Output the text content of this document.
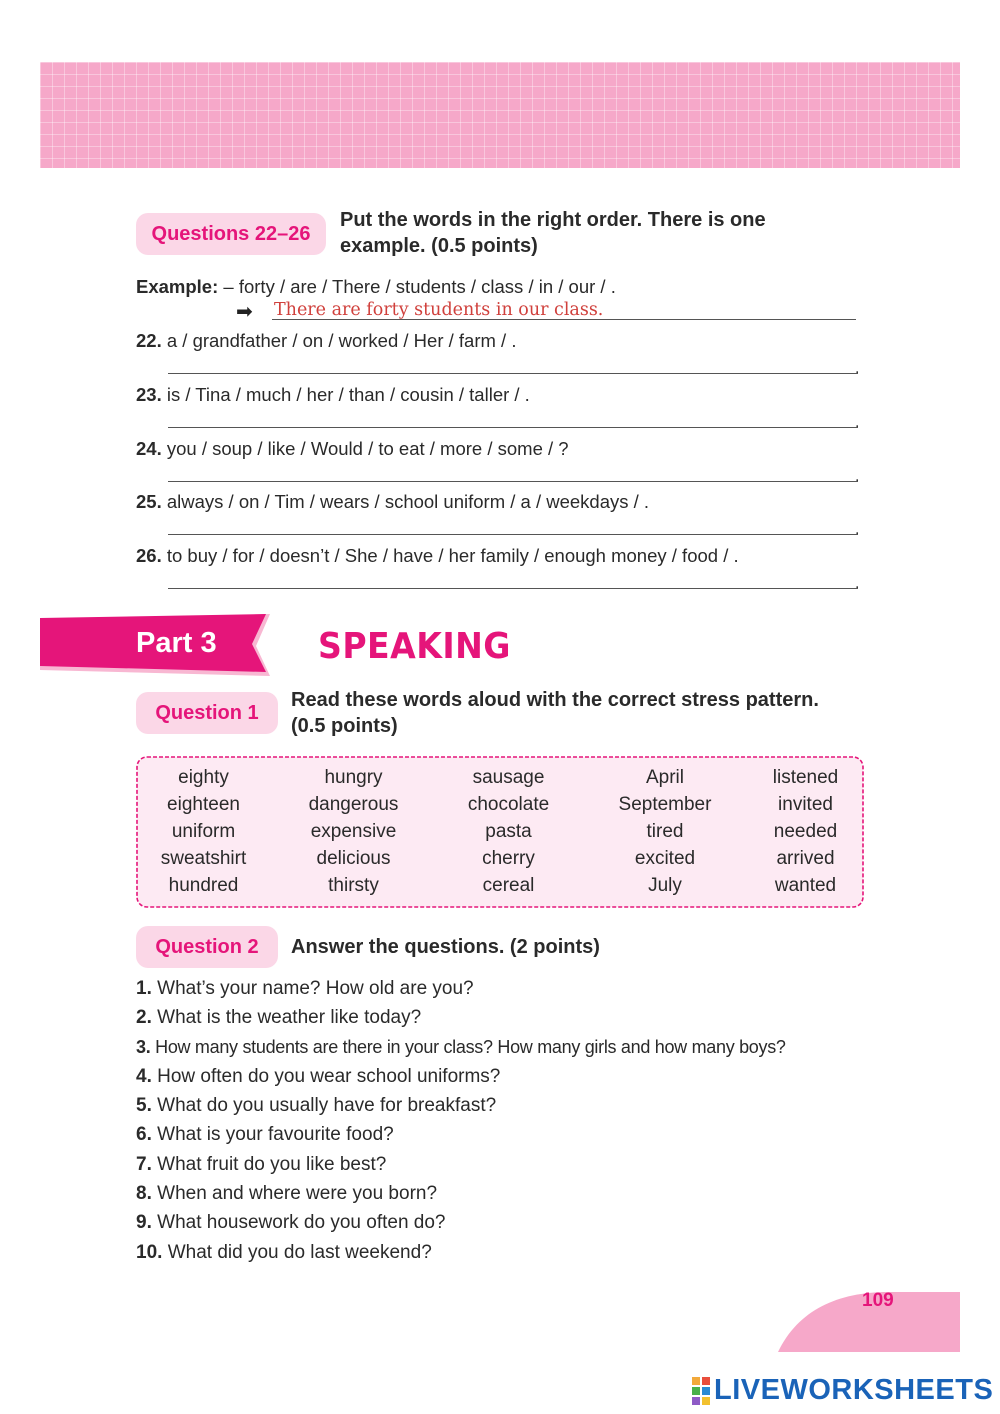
Questions 22–26
Put the words in the right order. There is one example. (0.5 points)
Example: – forty / are / There / students / class / in / our / .
➡ There are forty students in our class.
22. a / grandfather / on / worked / Her / farm / .
.
23. is / Tina / much / her / than / cousin / taller / .
.
24. you / soup / like / Would / to eat / more / some / ?
.
25. always / on / Tim / wears / school uniform / a / weekdays / .
.
26. to buy / for / doesn’t / She / have / her family / enough money / food / .
.
Part 3	SPEAKING
Question 1
Read these words aloud with the correct stress pattern. (0.5 points)
eighty	hungry	sausage	April	listened
eighteen	dangerous	chocolate	September	invited
uniform	expensive	pasta	tired	needed
sweatshirt	delicious	cherry	excited	arrived
hundred	thirsty	cereal	July	wanted
Question 2	Answer the questions. (2 points)
1. What’s your name? How old are you?
2. What is the weather like today?
3. How many students are there in your class? How many girls and how many boys?
4. How often do you wear school uniforms?
5. What do you usually have for breakfast?
6. What is your favourite food?
7. What fruit do you like best?
8. When and where were you born?
9. What housework do you often do?
10. What did you do last weekend?
109
LIVEWORKSHEETS
